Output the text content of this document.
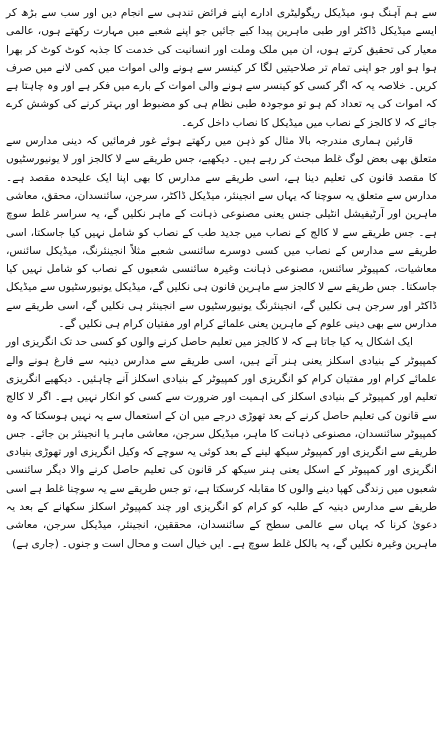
سے ہم آہنگ ہو، میڈیکل ریگولیٹری ادارے اپنے فرائض تندہی سے انجام دیں اور سب سے بڑھ کر ایسے میڈیکل ڈاکٹر اور طبی ماہرین پیدا کیے جائیں جو اپنے شعبے میں مہارت رکھتے ہوں، عالمی معیار کی تحقیق کرتے ہوں، ان میں ملک وملت اور انسانیت کی خدمت کا جذبہ کوٹ کوٹ کر بھرا ہوا ہو اور جو اپنی تمام تر صلاحیتیں لگا کر کینسر سے ہونے والی اموات میں کمی لانے میں صرف کریں۔ خلاصہ یہ کہ اگر کسی کو کینسر سے ہونے والی اموات کے بارے میں فکر ہے اور وہ چاہتا ہے کہ اموات کی یہ تعداد کم ہو تو موجودہ طبی نظام ہی کو مضبوط اور بہتر کرنے کی کوشش کرے جائے کہ لا کالجز کے نصاب میں میڈیکل کا نصاب داخل کرے۔

قارئین ہماری مندرجہ بالا مثال کو ذہن میں رکھتے ہوئے غور فرمائیں کہ دینی مدارس سے متعلق بھی بعض لوگ غلط مبحث کر رہے ہیں۔ دیکھیے، جس طریقے سے لا کالجز اور لا یونیورسٹیوں کا مقصد قانون کی تعلیم دینا ہے، اسی طریقے سے مدارس کا بھی اپنا ایک علیحدہ مقصد ہے۔ مدارس سے متعلق یہ سوچنا کہ یہاں سے انجینئر، میڈیکل ڈاکٹر، سرجن، سائنسدان، محقق، معاشی ماہرین اور آرٹیفیشل انٹیلی جنس یعنی مصنوعی ذہانت کے ماہر نکلیں گے، یہ سراسر غلط سوچ ہے۔ جس طریقے سے لا کالج کے نصاب میں جدید طب کے نصاب کو شامل نہیں کیا جاسکتا، اسی طریقے سے مدارس کے نصاب میں کسی دوسرے سائنسی شعبے مثلاً انجینئرنگ، میڈیکل سائنس، معاشیات، کمپیوٹر سائنس، مصنوعی ذہانت وغیرہ سائنسی شعبوں کے نصاب کو شامل نہیں کیا جاسکتا۔ جس طریقے سے لا کالجز سے ماہرین قانون ہی نکلیں گے، میڈیکل یونیورسٹیوں سے میڈیکل ڈاکٹر اور سرجن ہی نکلیں گے، انجینئرنگ یونیورسٹیوں سے انجینئر ہی نکلیں گے، اسی طریقے سے مدارس سے بھی دینی علوم کے ماہرین یعنی علمائے کرام اور مفتیان کرام ہی نکلیں گے۔

ایک اشکال یہ کیا جاتا ہے کہ لا کالجز میں تعلیم حاصل کرنے والوں کو کسی حد تک انگریزی اور کمپیوٹر کے بنیادی اسکلز یعنی ہنر آتے ہیں، اسی طریقے سے مدارس دینیہ سے فارغ ہونے والے علمائے کرام اور مفتیان کرام کو انگریزی اور کمپیوٹر کے بنیادی اسکلز آنے چاہئیں۔ دیکھیے انگریزی تعلیم اور کمپیوٹر کے بنیادی اسکلز کی اہمیت اور ضرورت سے کسی کو انکار نہیں ہے۔ اگر لا کالج سے قانون کی تعلیم حاصل کرنے کے بعد تھوڑی درجے میں ان کے استعمال سے یہ نہیں ہوسکتا کہ وہ کمپیوٹر سائنسدان، مصنوعی ذہانت کا ماہر، میڈیکل سرجن، معاشی ماہر یا انجینئر بن جائے۔ جس طریقے سے انگریزی اور کمپیوٹر سیکھ لینے کے بعد کوئی یہ سوچے کہ وکیل انگریزی اور تھوڑی بنیادی انگریزی اور کمپیوٹر کے اسکل یعنی ہنر سیکھ کر قانون کی تعلیم حاصل کرنے والا دیگر سائنسی شعبوں میں زندگی کھپا دینے والوں کا مقابلہ کرسکتا ہے، تو جس طریقے سے یہ سوچنا غلط ہے اسی طریقے سے مدارس دینیہ کے طلبہ کو کرام کو انگریزی اور چند کمپیوٹر اسکلز سکھانے کے بعد یہ دعویٰ کرنا کہ یہاں سے عالمی سطح کے سائنسدان، محققین، انجینئر، میڈیکل سرجن، معاشی ماہرین وغیرہ نکلیں گے، یہ بالکل غلط سوچ ہے۔ ایں خیال است و محال است و جنوں۔ (جاری ہے)
